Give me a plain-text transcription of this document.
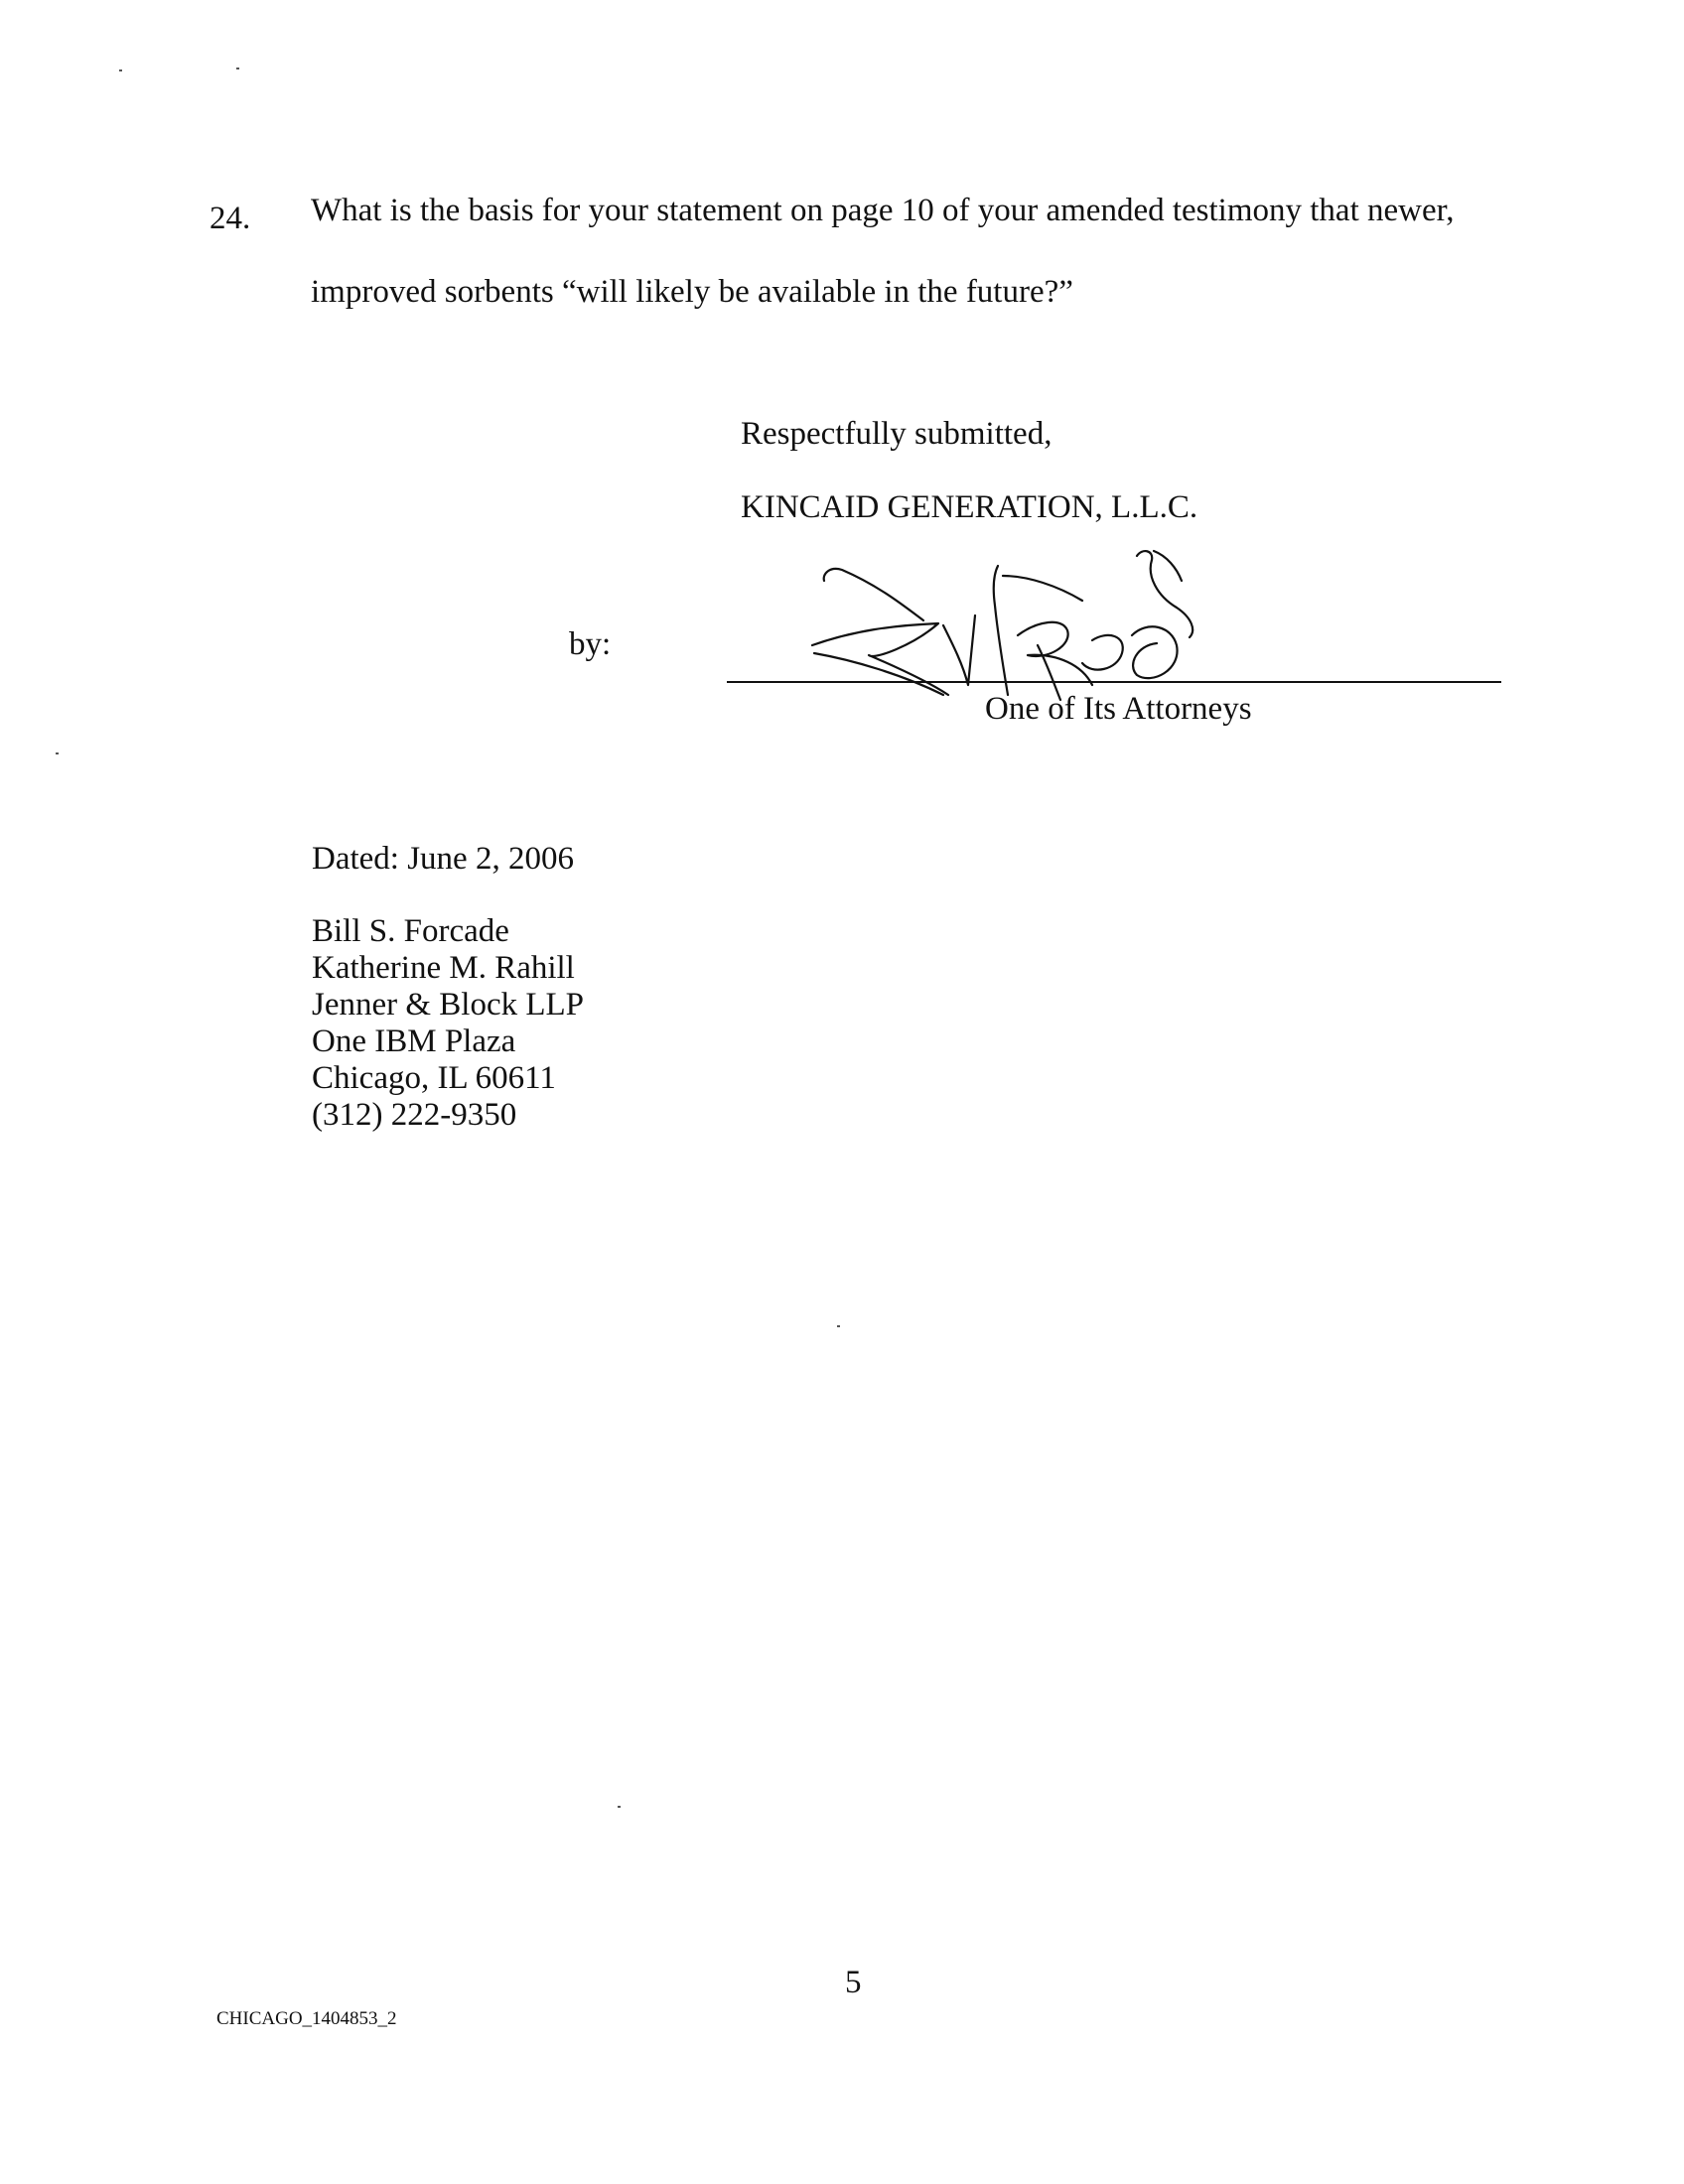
24. What is the basis for your statement on page 10 of your amended testimony that newer,
improved sorbents “will likely be available in the future?”
Respectfully submitted,
KINCAID GENERATION, L.L.C.
by:
One of Its Attorneys
Dated: June 2, 2006
Bill S. Forcade
Katherine M. Rahill
Jenner & Block LLP
One IBM Plaza
Chicago, IL 60611
(312) 222-9350
5
CHICAGO_1404853_2
